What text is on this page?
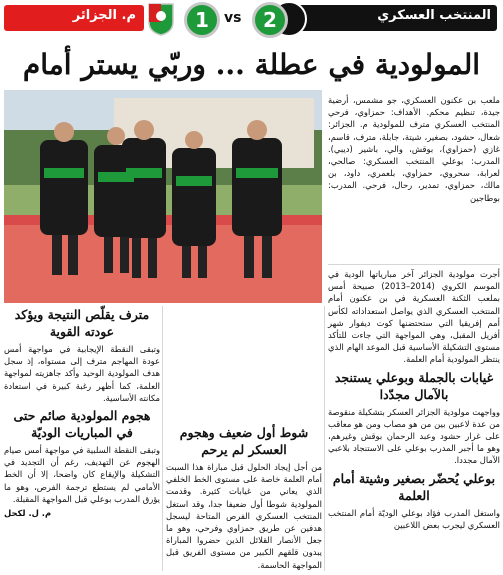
المنتخب العسكري
2
vs
1
م. الجزائر
المولودية في عطلة ... وربّي يستر أمام

ملعب بن عكنون العسكري، جو مشمس، أرضية جيدة، تنظيم محكم. الأهداف: حمزاوي، فرحي المنتخب العسكري مترف للمولودية م. الجزائر: شعال، حشود، بصغير، شيتة، جابلة، مترف، قاسم، غازي (حمزاوي)، بوقش، والي، باشير (ديبي). المدرب: بوعلي المنتخب العسكري: صالحي، لعرابة، سحروي، حمزاوي، بلعمري، داود، بن مالك، حمزاوي، تمدير، رحال، فرحي. المدرب: بوطاجين

أجرت مولودية الجزائر آخر مبارياتها الودية في الموسم الكروي (2014–2013) صبيحة أمس بملعب الثكنة العسكرية في بن عكنون أمام المنتخب العسكري الذي يواصل استعداداته لكأس أمم إفريقيا التي ستحتضنها كوت ديفوار شهر أفريل المقبل، وهي المواجهة التي جاءت للتأكد مستوى التشكيلة الأساسية قبل الموعد الهام الذي ينتظر المولودية أمام العلمة.

غيابات بالجملة وبوعلي يستنجد بالآمال مجدّدا

وواجهت مولودية الجزائر العسكر بتشكيلة منقوصة من عدة لاعبين بين من هو مصاب ومن هو معاقب على غرار حشود وعبد الرحمان بوقش وغيرهم، وهو ما أجبر المدرب بوعلي على الاستنجاد بلاعبي الآمال مجددا.

بوعلي يُحضّر بصغير وشيتة أمام العلمة

واستغل المدرب فؤاد بوعلي الوديّة أمام المنتخب العسكري ليجرب بعض اللاعبين

شوط أول ضعيف وهجوم العسكر لم يرحم

من أجل إيجاد الحلول قبل مباراة هذا السبت أمام العلمة خاصة على مستوى الخط الخلفي الذي يعاني من غيابات كثيرة. وقدمت المولودية شوطا أول ضعيفا جدا، وقد استغل المنتخب العسكري الفرص المتاحة ليسجل هدفين عن طريق حمزاوي وفرحي، وهو ما جعل الأنصار القلائل الذين حضروا المباراة يبدون قلقهم الكبير من مستوى الفريق قبل المواجهة الحاسمة.

مترف يقلّص النتيجة ويؤكد عودته القوية

وتبقى النقطة الإيجابية في مواجهة أمس عودة المهاجم مترف إلى مستواه، إذ سجل هدف المولودية الوحيد وأكد جاهزيته لمواجهة العلمة، كما أظهر رغبة كبيرة في استعادة مكانته الأساسية.

هجوم المولودية صائم حتى في المباريات الوديّة

وتبقى النقطة السلبية في مواجهة أمس صيام الهجوم عن التهديف، رغم أن التجديد في التشكيلة والإيقاع كان واضحا، إلا أن الخط الأمامي لم يستطع ترجمة الفرص، وهو ما يؤرق المدرب بوعلي قبل المواجهة المقبلة.

م. ل. لكحل
